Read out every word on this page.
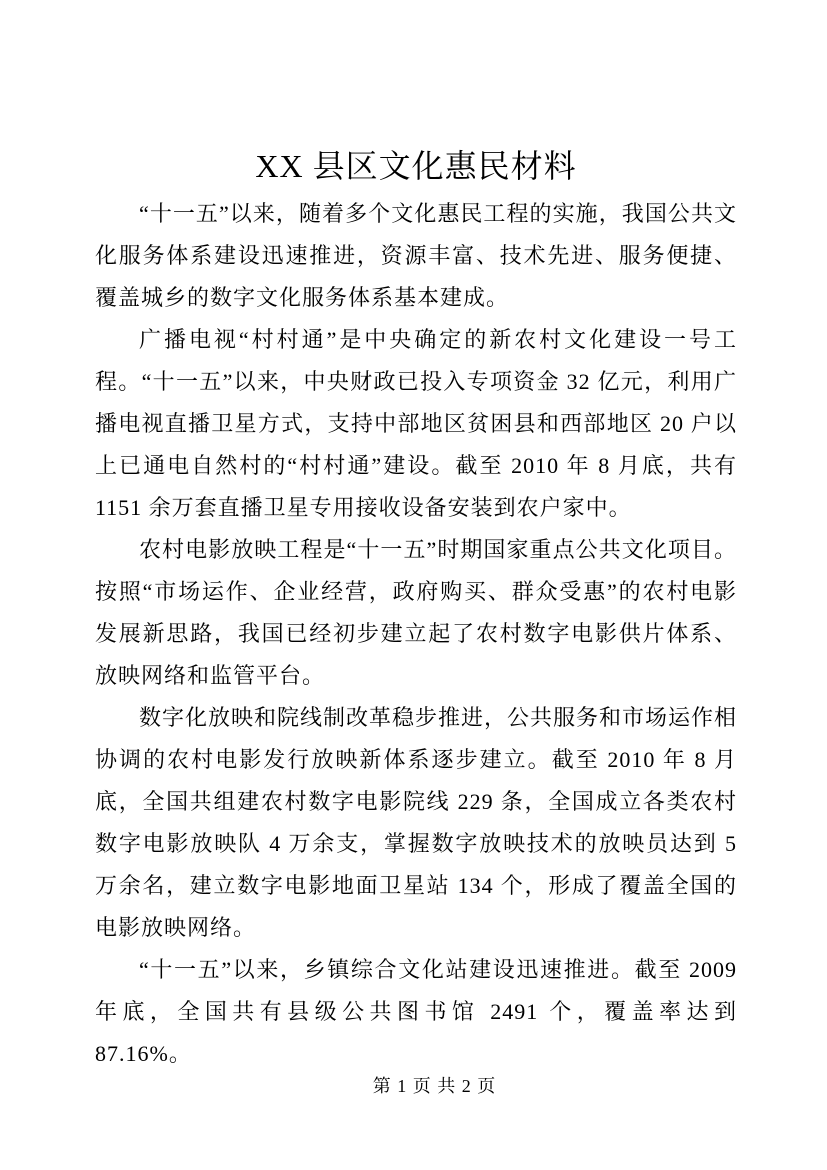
XX 县区文化惠民材料

“十一五”以来，随着多个文化惠民工程的实施，我国公共文化服务体系建设迅速推进，资源丰富、技术先进、服务便捷、覆盖城乡的数字文化服务体系基本建成。

广播电视“村村通”是中央确定的新农村文化建设一号工程。“十一五”以来，中央财政已投入专项资金 32 亿元，利用广播电视直播卫星方式，支持中部地区贫困县和西部地区 20 户以上已通电自然村的“村村通”建设。截至 2010 年 8 月底，共有 1151 余万套直播卫星专用接收设备安装到农户家中。

农村电影放映工程是“十一五”时期国家重点公共文化项目。按照“市场运作、企业经营，政府购买、群众受惠”的农村电影发展新思路，我国已经初步建立起了农村数字电影供片体系、放映网络和监管平台。

数字化放映和院线制改革稳步推进，公共服务和市场运作相协调的农村电影发行放映新体系逐步建立。截至 2010 年 8 月底，全国共组建农村数字电影院线 229 条，全国成立各类农村数字电影放映队 4 万余支，掌握数字放映技术的放映员达到 5 万余名，建立数字电影地面卫星站 134 个，形成了覆盖全国的电影放映网络。

“十一五”以来，乡镇综合文化站建设迅速推进。截至 2009 年底，全国共有县级公共图书馆 2491 个，覆盖率达到 87.16%。

第 1 页 共 2 页
